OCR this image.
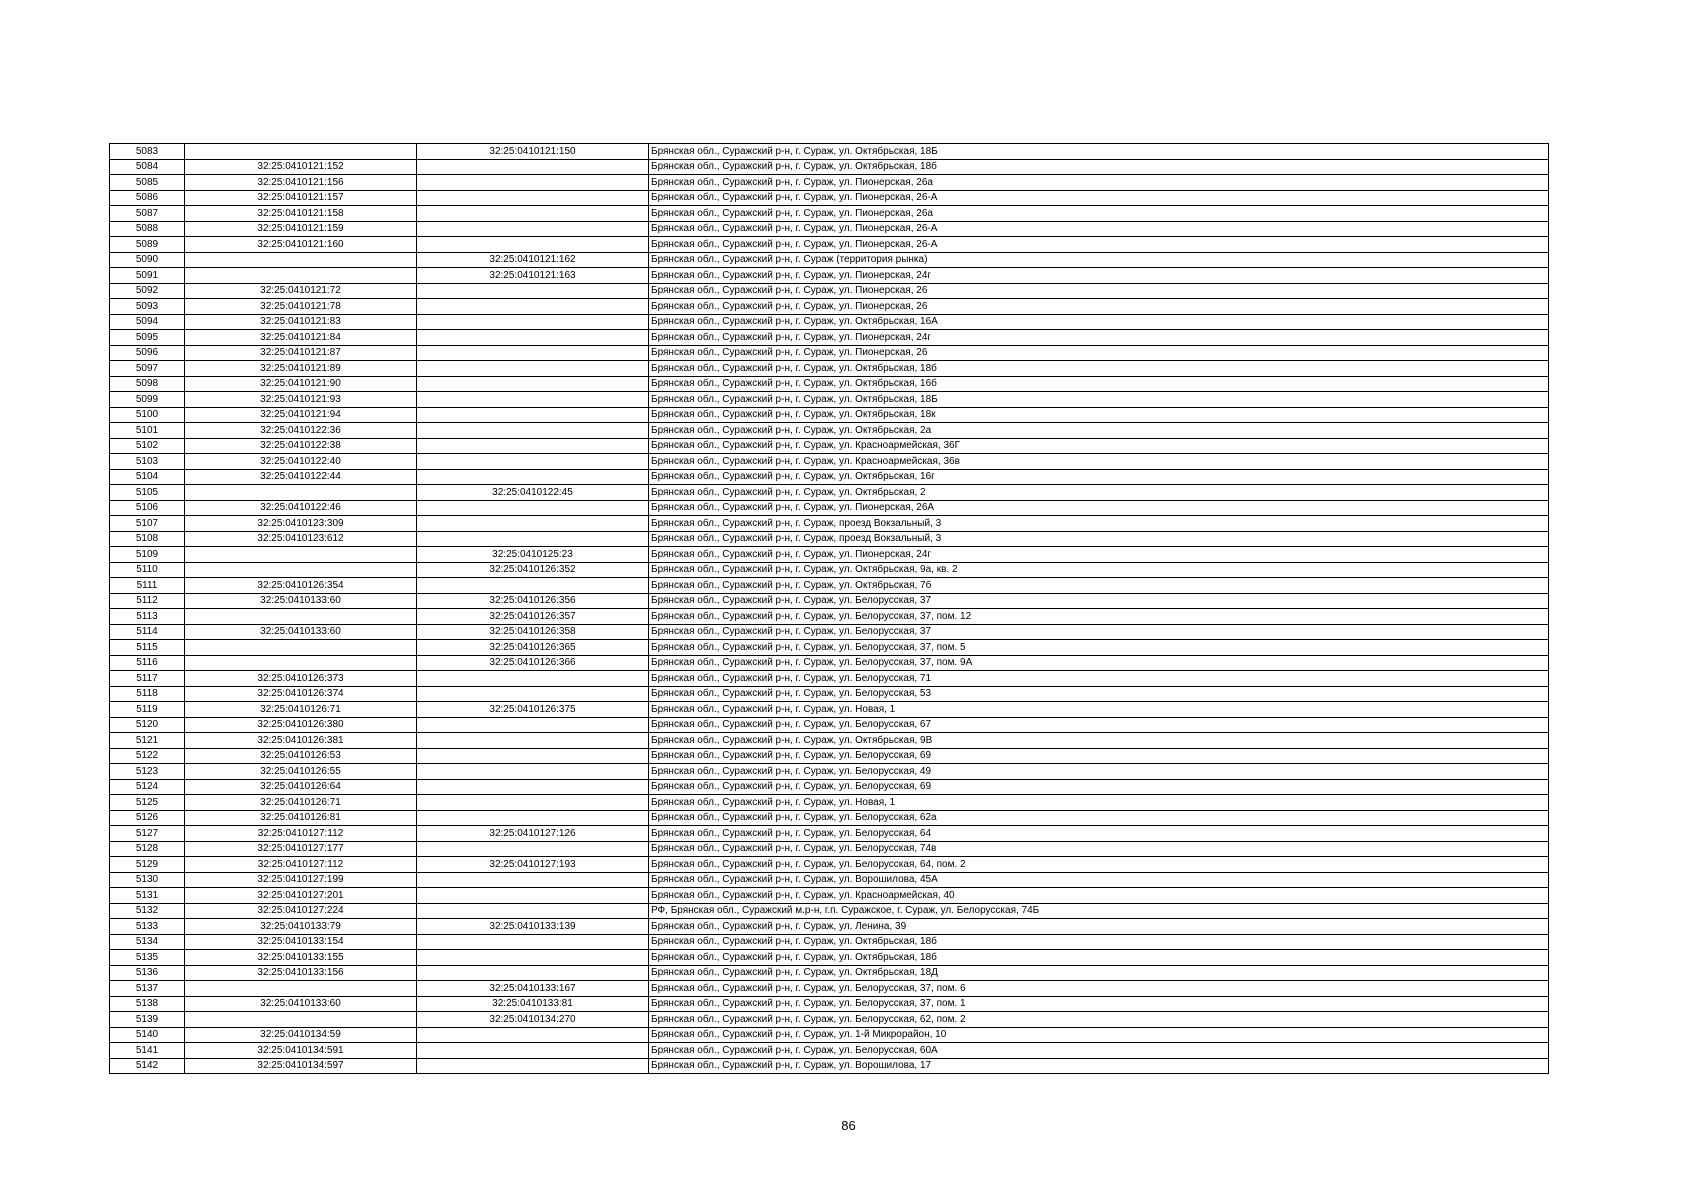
5083		32:25:0410121:150	Брянская обл., Суражский р-н, г. Сураж, ул. Октябрьская, 18Б
5084	32:25:0410121:152		Брянская обл., Суражский р-н, г. Сураж, ул. Октябрьская, 18б
5085	32:25:0410121:156		Брянская обл., Суражский р-н, г. Сураж, ул. Пионерская, 26а
5086	32:25:0410121:157		Брянская обл., Суражский р-н, г. Сураж, ул. Пионерская, 26-А
5087	32:25:0410121:158		Брянская обл., Суражский р-н, г. Сураж, ул. Пионерская, 26а
5088	32:25:0410121:159		Брянская обл., Суражский р-н, г. Сураж, ул. Пионерская, 26-А
5089	32:25:0410121:160		Брянская обл., Суражский р-н, г. Сураж, ул. Пионерская, 26-А
5090		32:25:0410121:162	Брянская обл., Суражский р-н, г. Сураж (территория рынка)
5091		32:25:0410121:163	Брянская обл., Суражский р-н, г. Сураж, ул. Пионерская, 24г
5092	32:25:0410121:72		Брянская обл., Суражский р-н, г. Сураж, ул. Пионерская, 26
5093	32:25:0410121:78		Брянская обл., Суражский р-н, г. Сураж, ул. Пионерская, 26
5094	32:25:0410121:83		Брянская обл., Суражский р-н, г. Сураж, ул. Октябрьская, 16А
5095	32:25:0410121:84		Брянская обл., Суражский р-н, г. Сураж, ул. Пионерская, 24г
5096	32:25:0410121:87		Брянская обл., Суражский р-н, г. Сураж, ул. Пионерская, 26
5097	32:25:0410121:89		Брянская обл., Суражский р-н, г. Сураж, ул. Октябрьская, 18б
5098	32:25:0410121:90		Брянская обл., Суражский р-н, г. Сураж, ул. Октябрьская, 16б
5099	32:25:0410121:93		Брянская обл., Суражский р-н, г. Сураж, ул. Октябрьская, 18Б
5100	32:25:0410121:94		Брянская обл., Суражский р-н, г. Сураж, ул. Октябрьская, 18к
5101	32:25:0410122:36		Брянская обл., Суражский р-н, г. Сураж, ул. Октябрьская, 2а
5102	32:25:0410122:38		Брянская обл., Суражский р-н, г. Сураж, ул. Красноармейская, 36Г
5103	32:25:0410122:40		Брянская обл., Суражский р-н, г. Сураж, ул. Красноармейская, 36в
5104	32:25:0410122:44		Брянская обл., Суражский р-н, г. Сураж, ул. Октябрьская, 16г
5105		32:25:0410122:45	Брянская обл., Суражский р-н, г. Сураж, ул. Октябрьская, 2
5106	32:25:0410122:46		Брянская обл., Суражский р-н, г. Сураж, ул. Пионерская, 26А
5107	32:25:0410123:309		Брянская обл., Суражский р-н, г. Сураж, проезд Вокзальный, 3
5108	32:25:0410123:612		Брянская обл., Суражский р-н, г. Сураж, проезд Вокзальный, 3
5109		32:25:0410125:23	Брянская обл., Суражский р-н, г. Сураж, ул. Пионерская, 24г
5110		32:25:0410126:352	Брянская обл., Суражский р-н, г. Сураж, ул. Октябрьская, 9а, кв. 2
5111	32:25:0410126:354		Брянская обл., Суражский р-н, г. Сураж, ул. Октябрьская, 7б
5112	32:25:0410133:60	32:25:0410126:356	Брянская обл., Суражский р-н, г. Сураж, ул. Белорусская, 37
5113		32:25:0410126:357	Брянская обл., Суражский р-н, г. Сураж, ул. Белорусская, 37, пом. 12
5114	32:25:0410133:60	32:25:0410126:358	Брянская обл., Суражский р-н, г. Сураж, ул. Белорусская, 37
5115		32:25:0410126:365	Брянская обл., Суражский р-н, г. Сураж, ул. Белорусская, 37, пом. 5
5116		32:25:0410126:366	Брянская обл., Суражский р-н, г. Сураж, ул. Белорусская, 37, пом. 9А
5117	32:25:0410126:373		Брянская обл., Суражский р-н, г. Сураж, ул. Белорусская, 71
5118	32:25:0410126:374		Брянская обл., Суражский р-н, г. Сураж, ул. Белорусская, 53
5119	32:25:0410126:71	32:25:0410126:375	Брянская обл., Суражский р-н, г. Сураж, ул. Новая, 1
5120	32:25:0410126:380		Брянская обл., Суражский р-н, г. Сураж, ул. Белорусская, 67
5121	32:25:0410126:381		Брянская обл., Суражский р-н, г. Сураж, ул. Октябрьская, 9В
5122	32:25:0410126:53		Брянская обл., Суражский р-н, г. Сураж, ул. Белорусская, 69
5123	32:25:0410126:55		Брянская обл., Суражский р-н, г. Сураж, ул. Белорусская, 49
5124	32:25:0410126:64		Брянская обл., Суражский р-н, г. Сураж, ул. Белорусская, 69
5125	32:25:0410126:71		Брянская обл., Суражский р-н, г. Сураж, ул. Новая, 1
5126	32:25:0410126:81		Брянская обл., Суражский р-н, г. Сураж, ул. Белорусская, 62а
5127	32:25:0410127:112	32:25:0410127:126	Брянская обл., Суражский р-н, г. Сураж, ул. Белорусская, 64
5128	32:25:0410127:177		Брянская обл., Суражский р-н, г. Сураж, ул. Белорусская, 74в
5129	32:25:0410127:112	32:25:0410127:193	Брянская обл., Суражский р-н, г. Сураж, ул. Белорусская, 64, пом. 2
5130	32:25:0410127:199		Брянская обл., Суражский р-н, г. Сураж, ул. Ворошилова, 45А
5131	32:25:0410127:201		Брянская обл., Суражский р-н, г. Сураж, ул. Красноармейская, 40
5132	32:25:0410127:224		РФ, Брянская обл., Суражский м.р-н, г.п. Суражское, г. Сураж, ул. Белорусская, 74Б
5133	32:25:0410133:79	32:25:0410133:139	Брянская обл., Суражский р-н, г. Сураж, ул. Ленина, 39
5134	32:25:0410133:154		Брянская обл., Суражский р-н, г. Сураж, ул. Октябрьская, 18б
5135	32:25:0410133:155		Брянская обл., Суражский р-н, г. Сураж, ул. Октябрьская, 18б
5136	32:25:0410133:156		Брянская обл., Суражский р-н, г. Сураж, ул. Октябрьская, 18Д
5137		32:25:0410133:167	Брянская обл., Суражский р-н, г. Сураж, ул. Белорусская, 37, пом. 6
5138	32:25:0410133:60	32:25:0410133:81	Брянская обл., Суражский р-н, г. Сураж, ул. Белорусская, 37, пом. 1
5139		32:25:0410134:270	Брянская обл., Суражский р-н, г. Сураж, ул. Белорусская, 62, пом. 2
5140	32:25:0410134:59		Брянская обл., Суражский р-н, г. Сураж, ул. 1-й Микрорайон, 10
5141	32:25:0410134:591		Брянская обл., Суражский р-н, г. Сураж, ул. Белорусская, 60А
5142	32:25:0410134:597		Брянская обл., Суражский р-н, г. Сураж, ул. Ворошилова, 17
86
